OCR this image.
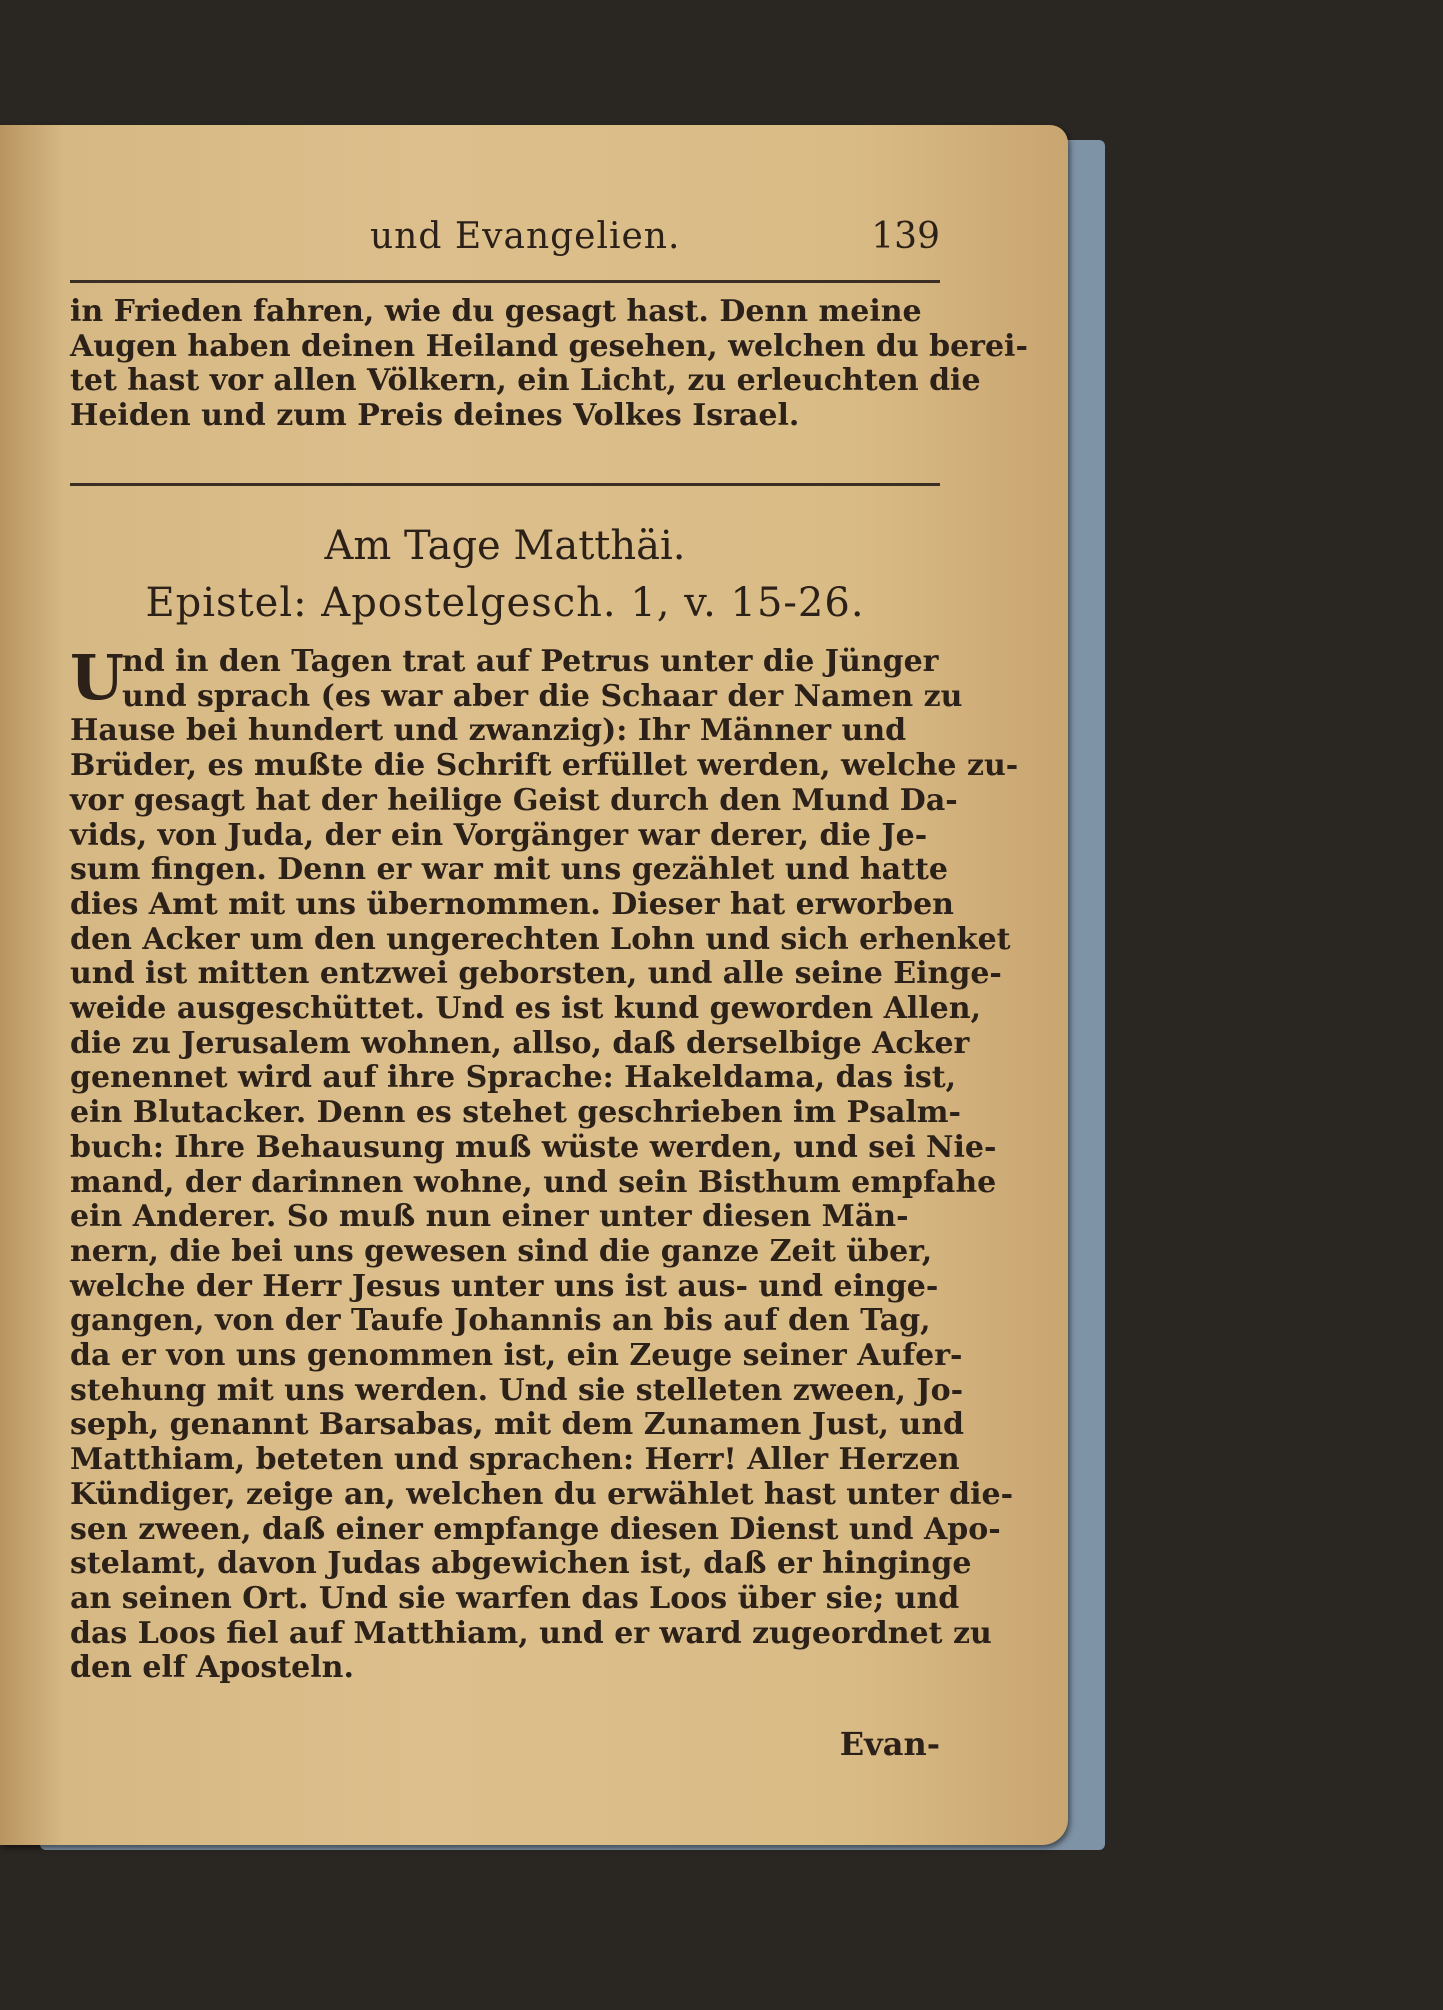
und Evangelien.	139
in Frieden fahren, wie du gesagt hast. Denn meine
Augen haben deinen Heiland gesehen, welchen du berei-
tet hast vor allen Völkern, ein Licht, zu erleuchten die
Heiden und zum Preis deines Volkes Israel.
Am Tage Matthäi.
Epistel: Apostelgesch. 1, v. 15-26.
U
nd in den Tagen trat auf Petrus unter die Jünger
und sprach (es war aber die Schaar der Namen zu
Hause bei hundert und zwanzig): Ihr Männer und
Brüder, es mußte die Schrift erfüllet werden, welche zu-
vor gesagt hat der heilige Geist durch den Mund Da-
vids, von Juda, der ein Vorgänger war derer, die Je-
sum fingen. Denn er war mit uns gezählet und hatte
dies Amt mit uns übernommen. Dieser hat erworben
den Acker um den ungerechten Lohn und sich erhenket
und ist mitten entzwei geborsten, und alle seine Einge-
weide ausgeschüttet. Und es ist kund geworden Allen,
die zu Jerusalem wohnen, allso, daß derselbige Acker
genennet wird auf ihre Sprache: Hakeldama, das ist,
ein Blutacker. Denn es stehet geschrieben im Psalm-
buch: Ihre Behausung muß wüste werden, und sei Nie-
mand, der darinnen wohne, und sein Bisthum empfahe
ein Anderer. So muß nun einer unter diesen Män-
nern, die bei uns gewesen sind die ganze Zeit über,
welche der Herr Jesus unter uns ist aus- und einge-
gangen, von der Taufe Johannis an bis auf den Tag,
da er von uns genommen ist, ein Zeuge seiner Aufer-
stehung mit uns werden. Und sie stelleten zween, Jo-
seph, genannt Barsabas, mit dem Zunamen Just, und
Matthiam, beteten und sprachen: Herr! Aller Herzen
Kündiger, zeige an, welchen du erwählet hast unter die-
sen zween, daß einer empfange diesen Dienst und Apo-
stelamt, davon Judas abgewichen ist, daß er hinginge
an seinen Ort. Und sie warfen das Loos über sie; und
das Loos fiel auf Matthiam, und er ward zugeordnet zu
den elf Aposteln.
Evan-
